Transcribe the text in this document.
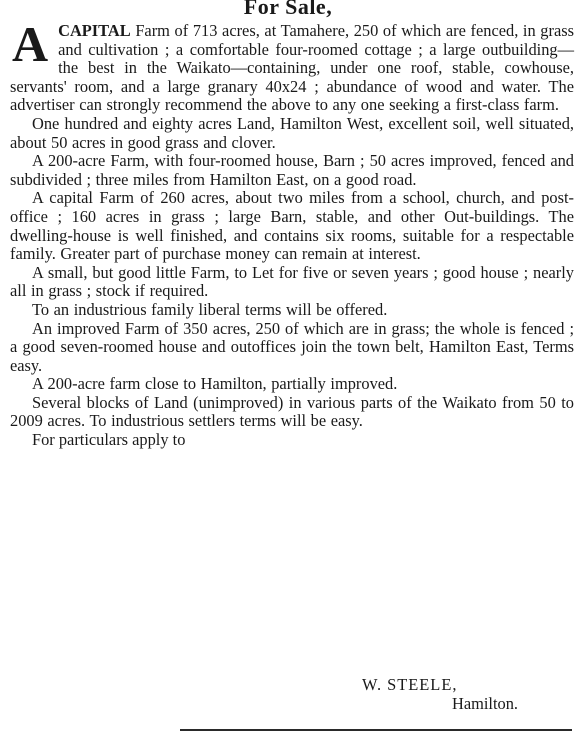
For Sale,

ACAPITAL Farm of 713 acres, at Tamahere, 250 of which are fenced, in grass and cultivation ; a comfortable four-roomed cottage ; a large outbuilding—the best in the Waikato—containing, under one roof, stable, cowhouse, servants' room, and a large granary 40x24 ; abundance of wood and water. The advertiser can strongly recommend the above to any one seeking a first-class farm.

One hundred and eighty acres Land, Hamilton West, excellent soil, well situated, about 50 acres in good grass and clover.

A 200-acre Farm, with four-roomed house, Barn ; 50 acres improved, fenced and subdivided ; three miles from Hamilton East, on a good road.

A capital Farm of 260 acres, about two miles from a school, church, and post-office ; 160 acres in grass ; large Barn, stable, and other Out-buildings. The dwelling-house is well finished, and contains six rooms, suitable for a respectable family. Greater part of purchase money can remain at interest.

A small, but good little Farm, to Let for five or seven years ; good house ; nearly all in grass ; stock if required.

To an industrious family liberal terms will be offered.

An improved Farm of 350 acres, 250 of which are in grass; the whole is fenced ; a good seven-roomed house and outoffices join the town belt, Hamilton East, Terms easy.

A 200-acre farm close to Hamilton, partially improved.

Several blocks of Land (unimproved) in various parts of the Waikato from 50 to 2009 acres. To industrious settlers terms will be easy.

For particulars apply to
W. STEELE,
Hamilton.
